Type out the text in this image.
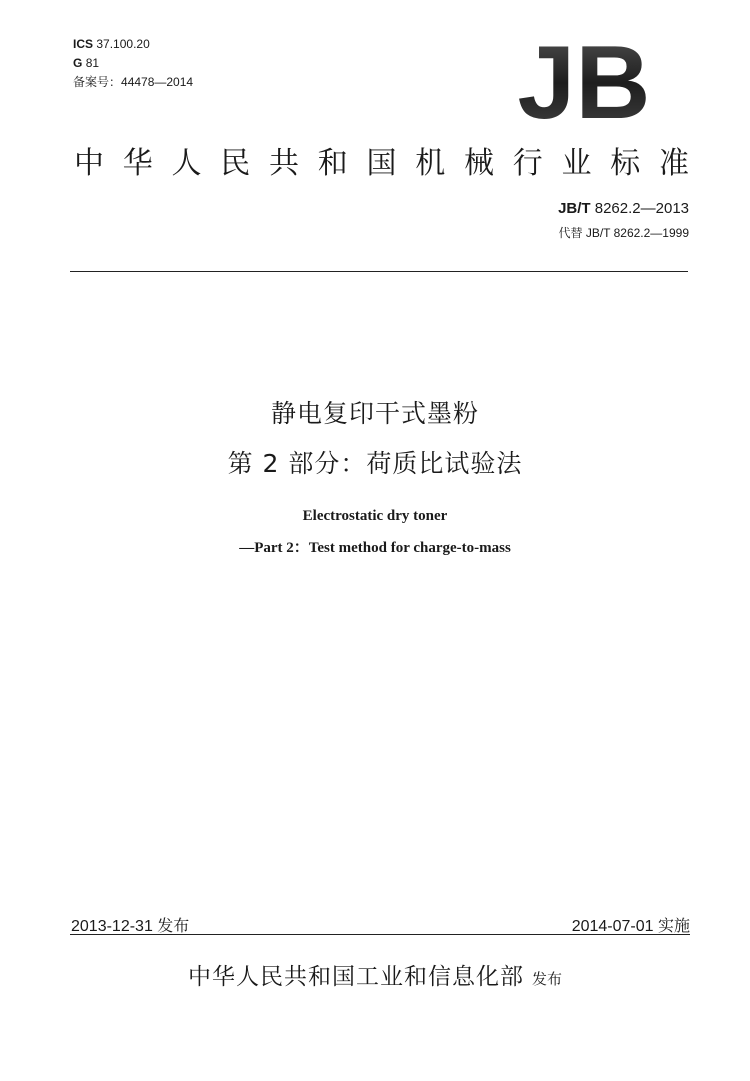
ICS 37.100.20
G 81
备案号：44478—2014	JB
中 华 人 民 共 和 国 机 械 行 业 标 准
JB/T 8262.2—2013
代替 JB/T 8262.2—1999
静电复印干式墨粉
第 2 部分：荷质比试验法
Electrostatic dry toner
—Part 2：Test method for charge-to-mass
2013-12-31 发布	2014-07-01 实施
中华人民共和国工业和信息化部 发布
